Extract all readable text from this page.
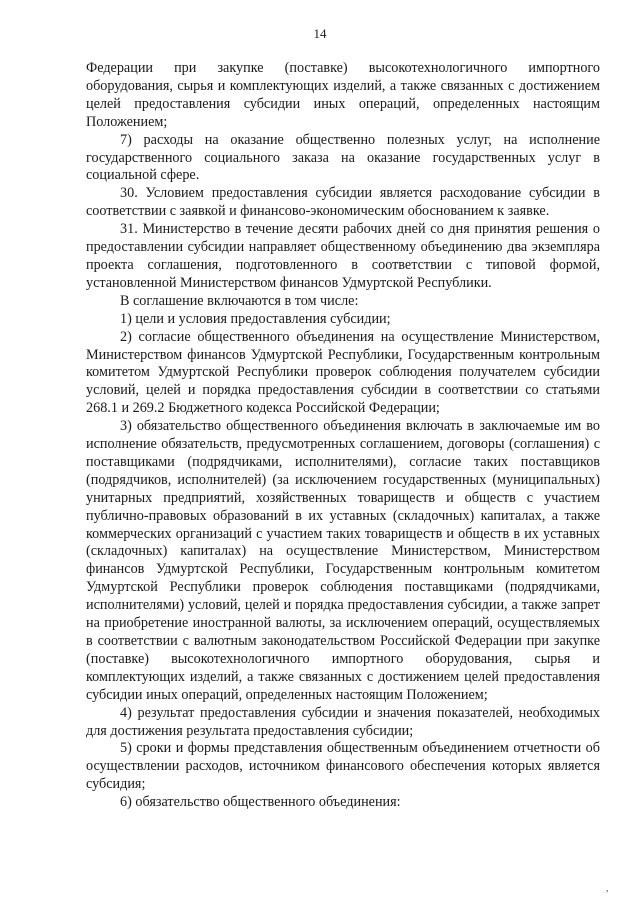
14

Федерации при закупке (поставке) высокотехнологичного импортного оборудования, сырья и комплектующих изделий, а также связанных с достижением целей предоставления субсидии иных операций, определенных настоящим Положением;

7) расходы на оказание общественно полезных услуг, на исполнение государственного социального заказа на оказание государственных услуг в социальной сфере.

30. Условием предоставления субсидии является расходование субсидии в соответствии с заявкой и финансово-экономическим обоснованием к заявке.

31. Министерство в течение десяти рабочих дней со дня принятия решения о предоставлении субсидии направляет общественному объединению два экземпляра проекта соглашения, подготовленного в соответствии с типовой формой, установленной Министерством финансов Удмуртской Республики.

В соглашение включаются в том числе:

1) цели и условия предоставления субсидии;

2) согласие общественного объединения на осуществление Министерством, Министерством финансов Удмуртской Республики, Государственным контрольным комитетом Удмуртской Республики проверок соблюдения получателем субсидии условий, целей и порядка предоставления субсидии в соответствии со статьями 268.1 и 269.2 Бюджетного кодекса Российской Федерации;

3) обязательство общественного объединения включать в заключаемые им во исполнение обязательств, предусмотренных соглашением, договоры (соглашения) с поставщиками (подрядчиками, исполнителями), согласие таких поставщиков (подрядчиков, исполнителей) (за исключением государственных (муниципальных) унитарных предприятий, хозяйственных товариществ и обществ с участием публично-правовых образований в их уставных (складочных) капиталах, а также коммерческих организаций с участием таких товариществ и обществ в их уставных (складочных) капиталах) на осуществление Министерством, Министерством финансов Удмуртской Республики, Государственным контрольным комитетом Удмуртской Республики проверок соблюдения поставщиками (подрядчиками, исполнителями) условий, целей и порядка предоставления субсидии, а также запрет на приобретение иностранной валюты, за исключением операций, осуществляемых в соответствии с валютным законодательством Российской Федерации при закупке (поставке) высокотехнологичного импортного оборудования, сырья и комплектующих изделий, а также связанных с достижением целей предоставления субсидии иных операций, определенных настоящим Положением;

4) результат предоставления субсидии и значения показателей, необходимых для достижения результата предоставления субсидии;

5) сроки и формы представления общественным объединением отчетности об осуществлении расходов, источником финансового обеспечения которых является субсидия;

6) обязательство общественного объединения:

,
